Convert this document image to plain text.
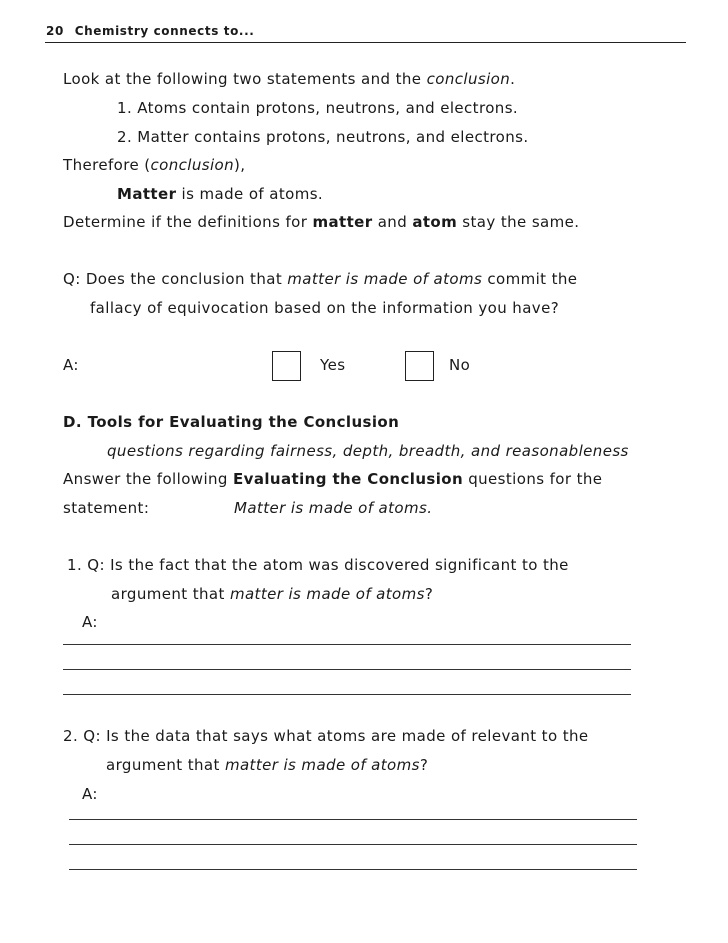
20 Chemistry connects to...
Look at the following two statements and the conclusion.
1. Atoms contain protons, neutrons, and electrons.
2. Matter contains protons, neutrons, and electrons.
Therefore (conclusion),
Matter is made of atoms.
Determine if the definitions for matter and atom stay the same.
Q: Does the conclusion that matter is made of atoms commit the
fallacy of equivocation based on the information you have?
A:	Yes	No
D. Tools for Evaluating the Conclusion
questions regarding fairness, depth, breadth, and reasonableness
Answer the following Evaluating the Conclusion questions for the
statement:	Matter is made of atoms.
1. Q: Is the fact that the atom was discovered significant to the
argument that matter is made of atoms?
A:
2. Q: Is the data that says what atoms are made of relevant to the
argument that matter is made of atoms?
A:
